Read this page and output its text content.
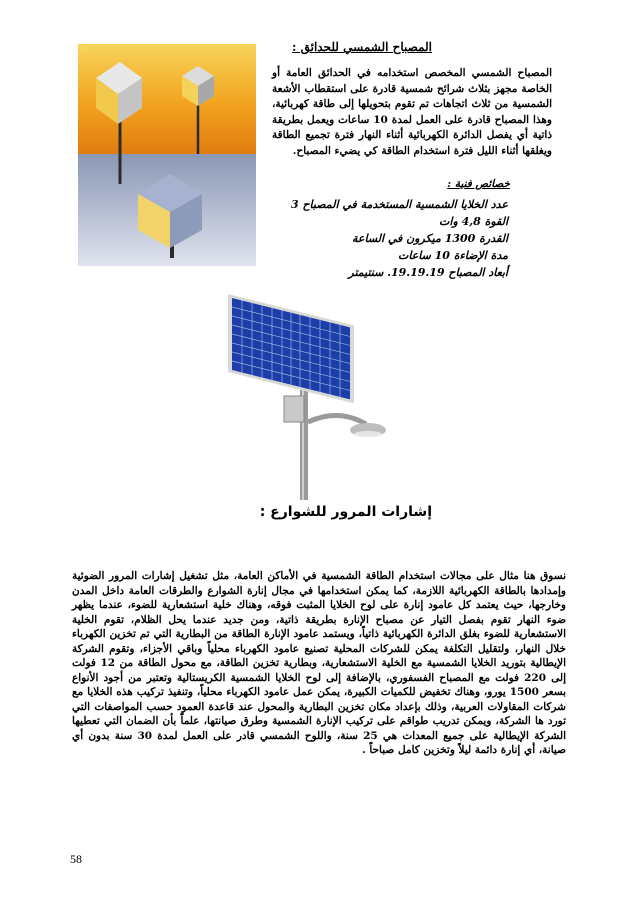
المصباح الشمسي للحدائق :
المصباح الشمسي المخصص استخدامه في الحدائق العامة أو الخاصة مجهز بثلاث شرائح شمسية قادرة على استقطاب الأشعة الشمسية من ثلاث اتجاهات تم تقوم بتحويلها إلى طاقة كهربائية، وهذا المصباح قادرة على العمل لمدة 10 ساعات ويعمل بطريقة ذاتية أي يفصل الدائرة الكهربائية أثناء النهار فترة تجميع الطاقة ويغلقها أثناء الليل فترة استخدام الطاقة كي يضيء المصباح.
خصائص فنية :
عدد الخلايا الشمسية المستخدمة في المصباح 3
القوة 4,8 وات
القدرة 1300 ميكرون في الساعة
مدة الإضاءة 10 ساعات
أبعاد المصباح 19.19.19. سنتيمتر
إشارات المرور للشوارع :
نسوق هنا مثال على مجالات استخدام الطاقة الشمسية في الأماكن العامة، مثل تشغيل إشارات المرور الضوئية وإمدادها بالطاقة الكهربائية اللازمة، كما يمكن استخدامها في مجال إنارة الشوارع والطرقات العامة داخل المدن وخارجها، حيث يعتمد كل عامود إنارة على لوح الخلايا المثبت فوقه، وهناك خلية استشعارية للضوء، عندما يظهر ضوء النهار تقوم بفصل التيار عن مصباح الإنارة بطريقة ذاتية، ومن جديد عندما يحل الظلام، تقوم الخلية الاستشعارية للضوء بغلق الدائرة الكهربائية ذاتياً، ويستمد عامود الإنارة الطاقة من البطارية التي تم تخزين الكهرباء خلال النهار، ولتقليل التكلفة يمكن للشركات المحلية تصنيع عامود الكهرباء محلياً وباقي الأجزاء، وتقوم الشركة الإيطالية بتوريد الخلايا الشمسية مع الخلية الاستشعارية، وبطارية تخزين الطاقة، مع محول الطاقة من 12 فولت إلى 220 فولت مع المصباح الفسفوري، بالإضافة إلى لوح الخلايا الشمسية الكريستالية وتعتبر من أجود الأنواع بسعر 1500 يورو، وهناك تخفيض للكميات الكبيرة، يمكن عمل عامود الكهرباء محلياً، وتنفيذ تركيب هذه الخلايا مع شركات المقاولات العربية، وذلك بإعداد مكان تخزين البطارية والمحول عند قاعدة العمود حسب المواصفات التي تورد ها الشركة، ويمكن تدريب طواقم على تركيب الإنارة الشمسية وطرق صيانتها، علماً بأن الضمان التي تعطيها الشركة الإيطالية على جميع المعدات هي 25 سنة، واللوح الشمسي قادر على العمل لمدة 30 سنة بدون أي صيانة، أي إنارة دائمة ليلاً وتخزين كامل صباحاً .
58
